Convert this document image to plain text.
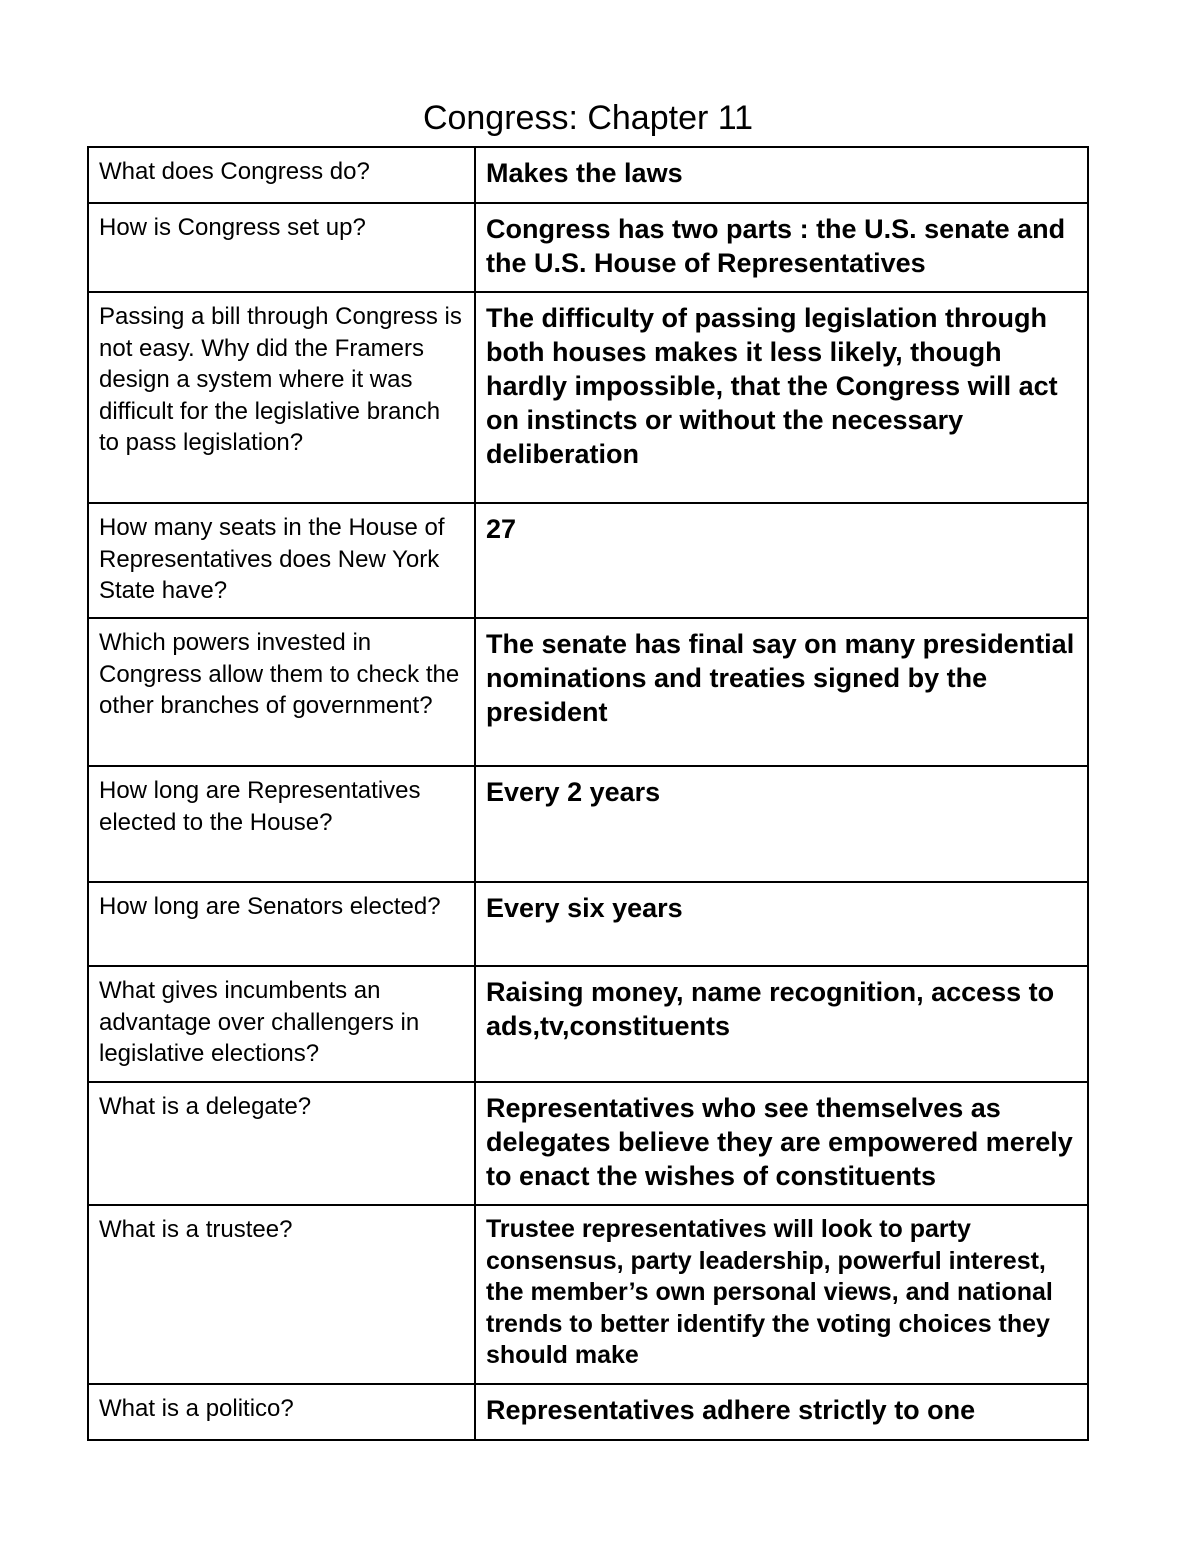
Congress: Chapter 11
What does Congress do?	Makes the laws
How is Congress set up?	Congress has two parts : the U.S. senate and the U.S. House of Representatives
Passing a bill through Congress is not easy. Why did the Framers design a system where it was difficult for the legislative branch to pass legislation?	The difficulty of passing legislation through both houses makes it less likely, though hardly impossible, that the Congress will act on instincts or without the necessary deliberation
How many seats in the House of Representatives does New York State have?	27
Which powers invested in Congress allow them to check the other branches of government?	The senate has final say on many presidential nominations and treaties signed by the president
How long are Representatives elected to the House?	Every 2 years
How long are Senators elected?	Every six years
What gives incumbents an advantage over challengers in legislative elections?	Raising money, name recognition, access to ads,tv,constituents
What is a delegate?	Representatives who see themselves as delegates believe they are empowered merely to enact the wishes of constituents
What is a trustee?	Trustee representatives will look to party consensus, party leadership, powerful interest, the member’s own personal views, and national trends to better identify the voting choices they should make
What is a politico?	Representatives adhere strictly to one
